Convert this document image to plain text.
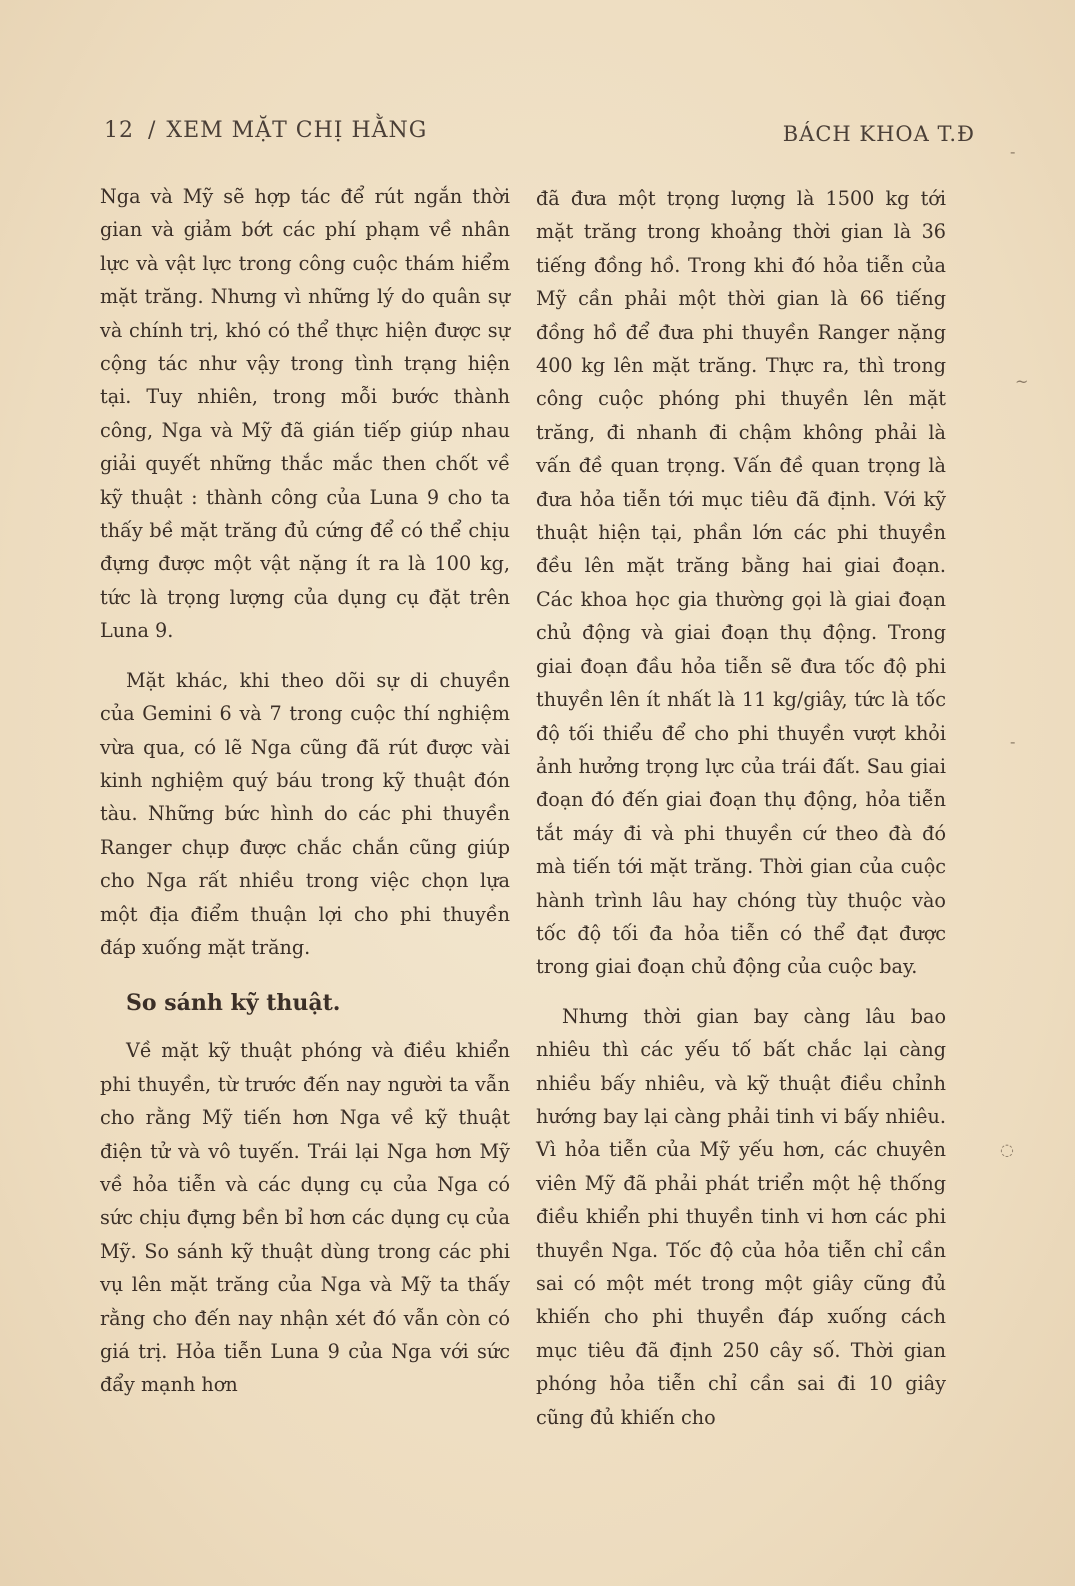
12 / XEM MẶT CHỊ HẰNG	BÁCH KHOA T.Đ

Nga và Mỹ sẽ hợp tác để rút ngắn thời gian và giảm bớt các phí phạm về nhân lực và vật lực trong công cuộc thám hiểm mặt trăng. Nhưng vì những lý do quân sự và chính trị, khó có thể thực hiện được sự cộng tác như vậy trong tình trạng hiện tại. Tuy nhiên, trong mỗi bước thành công, Nga và Mỹ đã gián tiếp giúp nhau giải quyết những thắc mắc then chốt về kỹ thuật : thành công của Luna 9 cho ta thấy bề mặt trăng đủ cứng để có thể chịu đựng được một vật nặng ít ra là 100 kg, tức là trọng lượng của dụng cụ đặt trên Luna 9.

Mặt khác, khi theo dõi sự di chuyền của Gemini 6 và 7 trong cuộc thí nghiệm vừa qua, có lẽ Nga cũng đã rút được vài kinh nghiệm quý báu trong kỹ thuật đón tàu. Những bức hình do các phi thuyền Ranger chụp được chắc chắn cũng giúp cho Nga rất nhiều trong việc chọn lựa một địa điểm thuận lợi cho phi thuyền đáp xuống mặt trăng.

So sánh kỹ thuật.

Về mặt kỹ thuật phóng và điều khiển phi thuyền, từ trước đến nay người ta vẫn cho rằng Mỹ tiến hơn Nga về kỹ thuật điện tử và vô tuyến. Trái lại Nga hơn Mỹ về hỏa tiễn và các dụng cụ của Nga có sức chịu đựng bền bỉ hơn các dụng cụ của Mỹ. So sánh kỹ thuật dùng trong các phi vụ lên mặt trăng của Nga và Mỹ ta thấy rằng cho đến nay nhận xét đó vẫn còn có giá trị. Hỏa tiễn Luna 9 của Nga với sức đẩy mạnh hơn

đã đưa một trọng lượng là 1500 kg tới mặt trăng trong khoảng thời gian là 36 tiếng đồng hồ. Trong khi đó hỏa tiễn của Mỹ cần phải một thời gian là 66 tiếng đồng hồ để đưa phi thuyền Ranger nặng 400 kg lên mặt trăng. Thực ra, thì trong công cuộc phóng phi thuyền lên mặt trăng, đi nhanh đi chậm không phải là vấn đề quan trọng. Vấn đề quan trọng là đưa hỏa tiễn tới mục tiêu đã định. Với kỹ thuật hiện tại, phần lớn các phi thuyền đều lên mặt trăng bằng hai giai đoạn. Các khoa học gia thường gọi là giai đoạn chủ động và giai đoạn thụ động. Trong giai đoạn đầu hỏa tiễn sẽ đưa tốc độ phi thuyền lên ít nhất là 11 kg/giây, tức là tốc độ tối thiểu để cho phi thuyền vượt khỏi ảnh hưởng trọng lực của trái đất. Sau giai đoạn đó đến giai đoạn thụ động, hỏa tiễn tắt máy đi và phi thuyền cứ theo đà đó mà tiến tới mặt trăng. Thời gian của cuộc hành trình lâu hay chóng tùy thuộc vào tốc độ tối đa hỏa tiễn có thể đạt được trong giai đoạn chủ động của cuộc bay.

Nhưng thời gian bay càng lâu bao nhiêu thì các yếu tố bất chắc lại càng nhiều bấy nhiêu, và kỹ thuật điều chỉnh hướng bay lại càng phải tinh vi bấy nhiêu. Vì hỏa tiễn của Mỹ yếu hơn, các chuyên viên Mỹ đã phải phát triển một hệ thống điều khiển phi thuyền tinh vi hơn các phi thuyền Nga. Tốc độ của hỏa tiễn chỉ cần sai có một mét trong một giây cũng đủ khiến cho phi thuyền đáp xuống cách mục tiêu đã định 250 cây số. Thời gian phóng hỏa tiễn chỉ cần sai đi 10 giây cũng đủ khiến cho

-
~
-
◌
